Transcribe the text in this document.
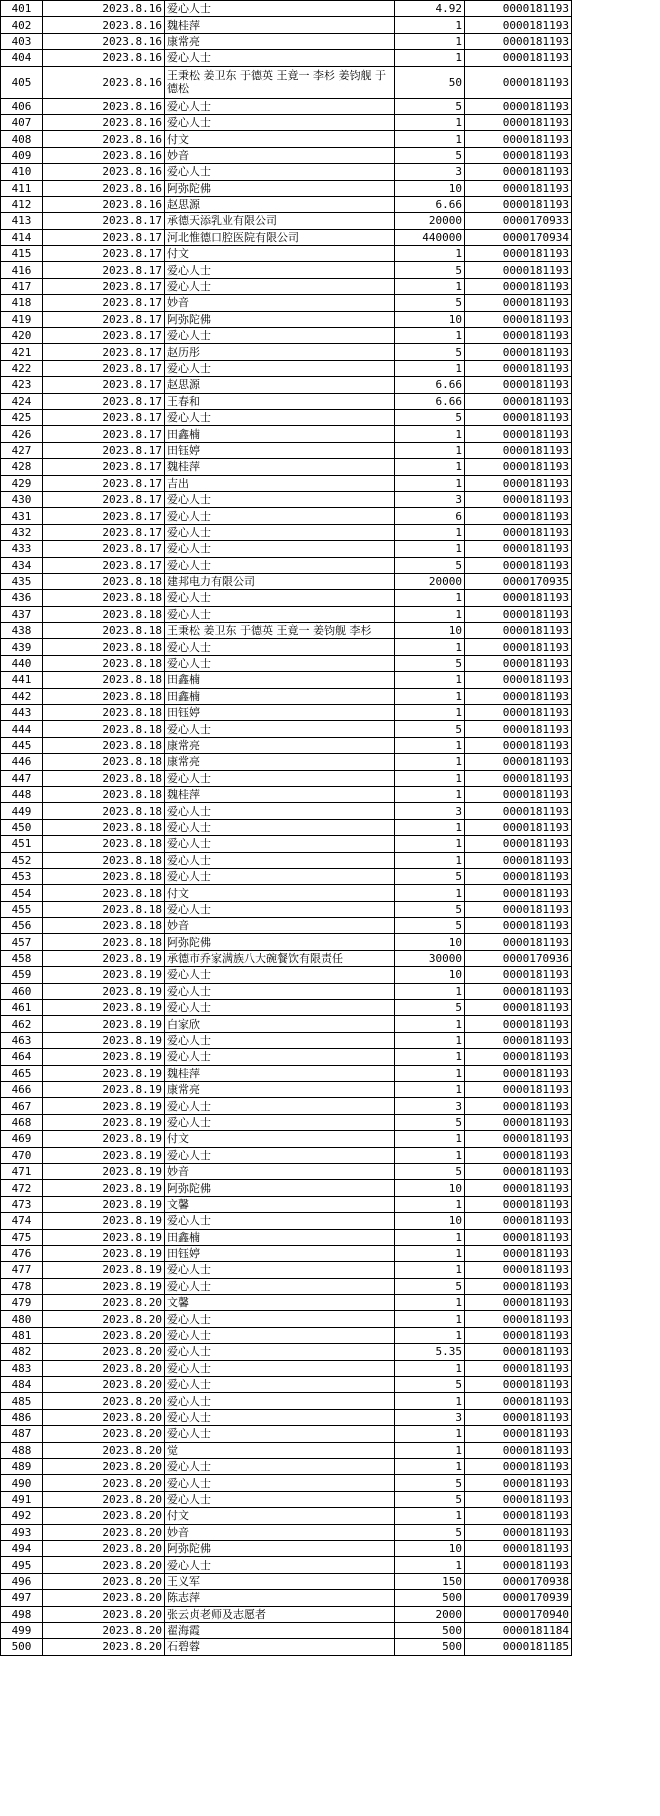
401	2023.8.16	爱心人士	4.92	0000181193
402	2023.8.16	魏桂萍	1	0000181193
403	2023.8.16	康常亮	1	0000181193
404	2023.8.16	爱心人士	1	0000181193
405	2023.8.16	王秉松 姜卫东 于德英 王竟一 李杉 姜钧舰 于德松	50	0000181193
406	2023.8.16	爱心人士	5	0000181193
407	2023.8.16	爱心人士	1	0000181193
408	2023.8.16	付文	1	0000181193
409	2023.8.16	妙音	5	0000181193
410	2023.8.16	爱心人士	3	0000181193
411	2023.8.16	阿弥陀佛	10	0000181193
412	2023.8.16	赵思源	6.66	0000181193
413	2023.8.17	承德天添乳业有限公司	20000	0000170933
414	2023.8.17	河北惟德口腔医院有限公司	440000	0000170934
415	2023.8.17	付文	1	0000181193
416	2023.8.17	爱心人士	5	0000181193
417	2023.8.17	爱心人士	1	0000181193
418	2023.8.17	妙音	5	0000181193
419	2023.8.17	阿弥陀佛	10	0000181193
420	2023.8.17	爱心人士	1	0000181193
421	2023.8.17	赵历彤	5	0000181193
422	2023.8.17	爱心人士	1	0000181193
423	2023.8.17	赵思源	6.66	0000181193
424	2023.8.17	王春和	6.66	0000181193
425	2023.8.17	爱心人士	5	0000181193
426	2023.8.17	田鑫楠	1	0000181193
427	2023.8.17	田钰婷	1	0000181193
428	2023.8.17	魏桂萍	1	0000181193
429	2023.8.17	吉出	1	0000181193
430	2023.8.17	爱心人士	3	0000181193
431	2023.8.17	爱心人士	6	0000181193
432	2023.8.17	爱心人士	1	0000181193
433	2023.8.17	爱心人士	1	0000181193
434	2023.8.17	爱心人士	5	0000181193
435	2023.8.18	建邦电力有限公司	20000	0000170935
436	2023.8.18	爱心人士	1	0000181193
437	2023.8.18	爱心人士	1	0000181193
438	2023.8.18	王秉松 姜卫东 于德英 王竟一 姜钧舰 李杉	10	0000181193
439	2023.8.18	爱心人士	1	0000181193
440	2023.8.18	爱心人士	5	0000181193
441	2023.8.18	田鑫楠	1	0000181193
442	2023.8.18	田鑫楠	1	0000181193
443	2023.8.18	田钰婷	1	0000181193
444	2023.8.18	爱心人士	5	0000181193
445	2023.8.18	康常亮	1	0000181193
446	2023.8.18	康常亮	1	0000181193
447	2023.8.18	爱心人士	1	0000181193
448	2023.8.18	魏桂萍	1	0000181193
449	2023.8.18	爱心人士	3	0000181193
450	2023.8.18	爱心人士	1	0000181193
451	2023.8.18	爱心人士	1	0000181193
452	2023.8.18	爱心人士	1	0000181193
453	2023.8.18	爱心人士	5	0000181193
454	2023.8.18	付文	1	0000181193
455	2023.8.18	爱心人士	5	0000181193
456	2023.8.18	妙音	5	0000181193
457	2023.8.18	阿弥陀佛	10	0000181193
458	2023.8.19	承德市乔家满族八大碗餐饮有限责任	30000	0000170936
459	2023.8.19	爱心人士	10	0000181193
460	2023.8.19	爱心人士	1	0000181193
461	2023.8.19	爱心人士	5	0000181193
462	2023.8.19	白家欣	1	0000181193
463	2023.8.19	爱心人士	1	0000181193
464	2023.8.19	爱心人士	1	0000181193
465	2023.8.19	魏桂萍	1	0000181193
466	2023.8.19	康常亮	1	0000181193
467	2023.8.19	爱心人士	3	0000181193
468	2023.8.19	爱心人士	5	0000181193
469	2023.8.19	付文	1	0000181193
470	2023.8.19	爱心人士	1	0000181193
471	2023.8.19	妙音	5	0000181193
472	2023.8.19	阿弥陀佛	10	0000181193
473	2023.8.19	文馨	1	0000181193
474	2023.8.19	爱心人士	10	0000181193
475	2023.8.19	田鑫楠	1	0000181193
476	2023.8.19	田钰婷	1	0000181193
477	2023.8.19	爱心人士	1	0000181193
478	2023.8.19	爱心人士	5	0000181193
479	2023.8.20	文馨	1	0000181193
480	2023.8.20	爱心人士	1	0000181193
481	2023.8.20	爱心人士	1	0000181193
482	2023.8.20	爱心人士	5.35	0000181193
483	2023.8.20	爱心人士	1	0000181193
484	2023.8.20	爱心人士	5	0000181193
485	2023.8.20	爱心人士	1	0000181193
486	2023.8.20	爱心人士	3	0000181193
487	2023.8.20	爱心人士	1	0000181193
488	2023.8.20	觉	1	0000181193
489	2023.8.20	爱心人士	1	0000181193
490	2023.8.20	爱心人士	5	0000181193
491	2023.8.20	爱心人士	5	0000181193
492	2023.8.20	付文	1	0000181193
493	2023.8.20	妙音	5	0000181193
494	2023.8.20	阿弥陀佛	10	0000181193
495	2023.8.20	爱心人士	1	0000181193
496	2023.8.20	王义军	150	0000170938
497	2023.8.20	陈志萍	500	0000170939
498	2023.8.20	张云贞老师及志愿者	2000	0000170940
499	2023.8.20	翟海霞	500	0000181184
500	2023.8.20	石碧蓉	500	0000181185
